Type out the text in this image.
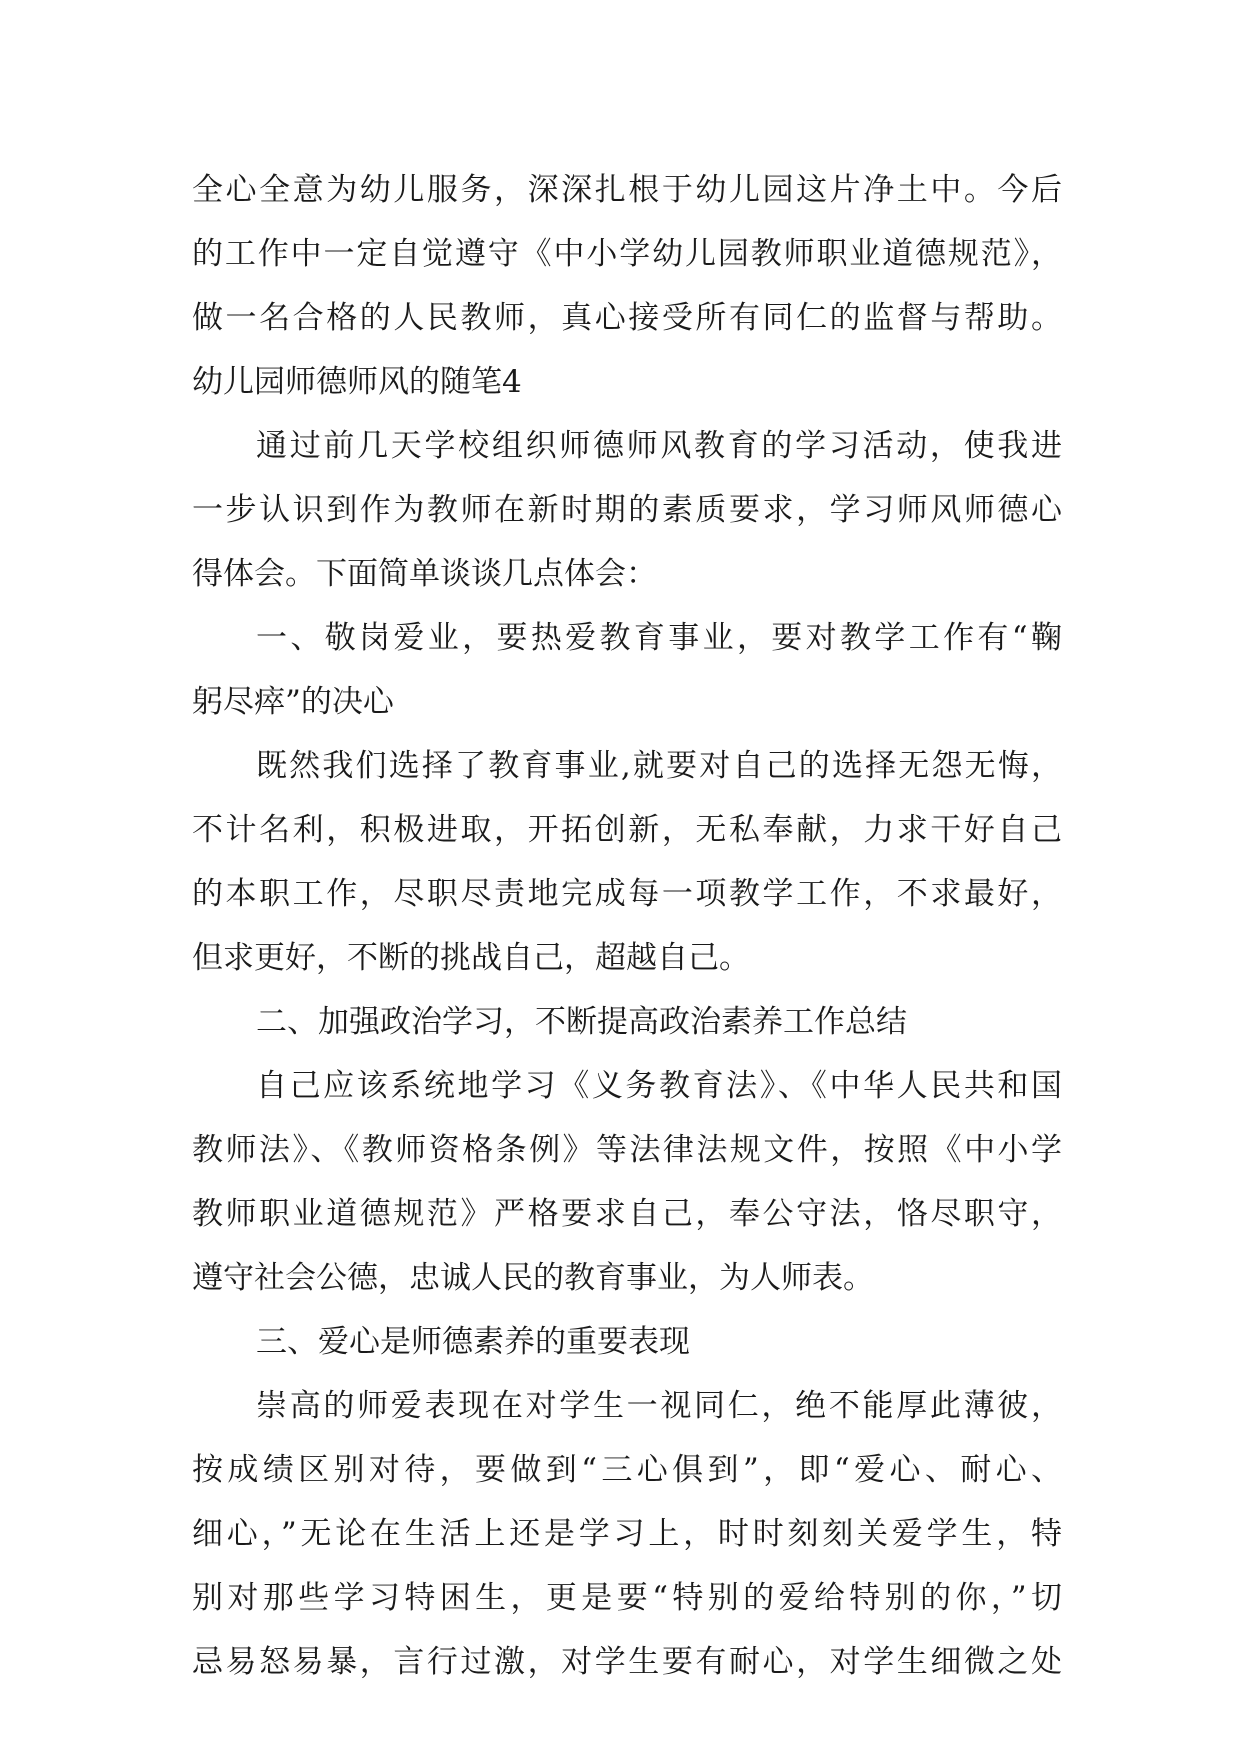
全心全意为幼儿服务，深深扎根于幼儿园这片净土中。今后
的工作中一定自觉遵守《中小学幼儿园教师职业道德规范》，
做一名合格的人民教师，真心接受所有同仁的监督与帮助。
幼儿园师德师风的随笔4
通过前几天学校组织师德师风教育的学习活动，使我进
一步认识到作为教师在新时期的素质要求，学习师风师德心
得体会。下面简单谈谈几点体会：
一、敬岗爱业，要热爱教育事业，要对教学工作有“鞠
躬尽瘁”的决心
既然我们选择了教育事业,就要对自己的选择无怨无悔，
不计名利，积极进取，开拓创新，无私奉献，力求干好自己
的本职工作，尽职尽责地完成每一项教学工作，不求最好，
但求更好，不断的挑战自己，超越自己。
二、加强政治学习，不断提高政治素养工作总结
自己应该系统地学习《义务教育法》、《中华人民共和国
教师法》、《教师资格条例》等法律法规文件，按照《中小学
教师职业道德规范》严格要求自己，奉公守法，恪尽职守，
遵守社会公德，忠诚人民的教育事业，为人师表。
三、爱心是师德素养的重要表现
崇高的师爱表现在对学生一视同仁，绝不能厚此薄彼，
按成绩区别对待，要做到“三心俱到”，即“爱心、耐心、
细心，”无论在生活上还是学习上，时时刻刻关爱学生，特
别对那些学习特困生，更是要“特别的爱给特别的你，”切
忌易怒易暴，言行过激，对学生要有耐心，对学生细微之处
